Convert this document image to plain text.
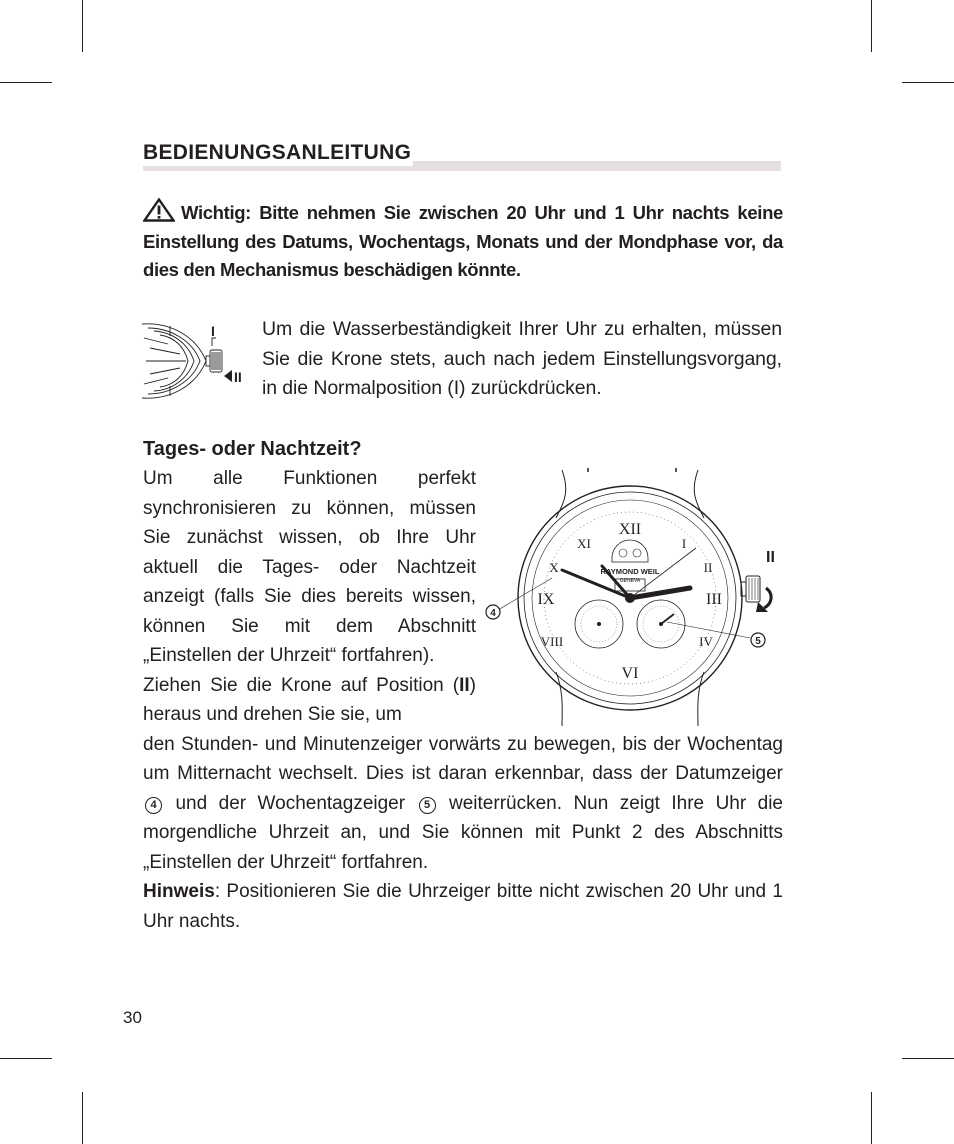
BEDIENUNGSANLEITUNG

Wichtig: Bitte nehmen Sie zwischen 20 Uhr und 1 Uhr nachts keine Einstellung des Datums, Wochentags, Monats und der Mondphase vor, da dies den Mechanismus beschädigen könnte.

I
II

Um die Wasserbeständigkeit Ihrer Uhr zu erhalten, müssen Sie die Krone stets, auch nach jedem Einstellungsvorgang, in die Normalposition (I) zurückdrücken.

Tages- oder Nachtzeit?

Um alle Funktionen perfekt synchronisieren zu können, müssen Sie zunächst wissen, ob Ihre Uhr aktuell die Tages- oder Nachtzeit anzeigt (falls Sie dies bereits wissen, können Sie mit dem Abschnitt „Einstellen der Uhrzeit“ fortfahren).

Ziehen Sie die Krone auf Position (II) heraus und drehen Sie sie, um

den Stunden- und Minutenzeiger vorwärts zu bewegen, bis der Wochentag um Mitternacht wechselt. Dies ist daran erkennbar, dass der Datumzeiger 4 und der Wochentagzeiger 5 weiterrücken. Nun zeigt Ihre Uhr die morgendliche Uhrzeit an, und Sie können mit Punkt 2 des Abschnitts „Einstellen der Uhrzeit“ fortfahren.

Hinweis: Positionieren Sie die Uhrzeiger bitte nicht zwischen 20 Uhr und 1 Uhr nachts.

XII
I
II
III
IV
VI
VIII
IX
X
XI
RAYMOND WEIL
GENEVA
II
4
5
30
